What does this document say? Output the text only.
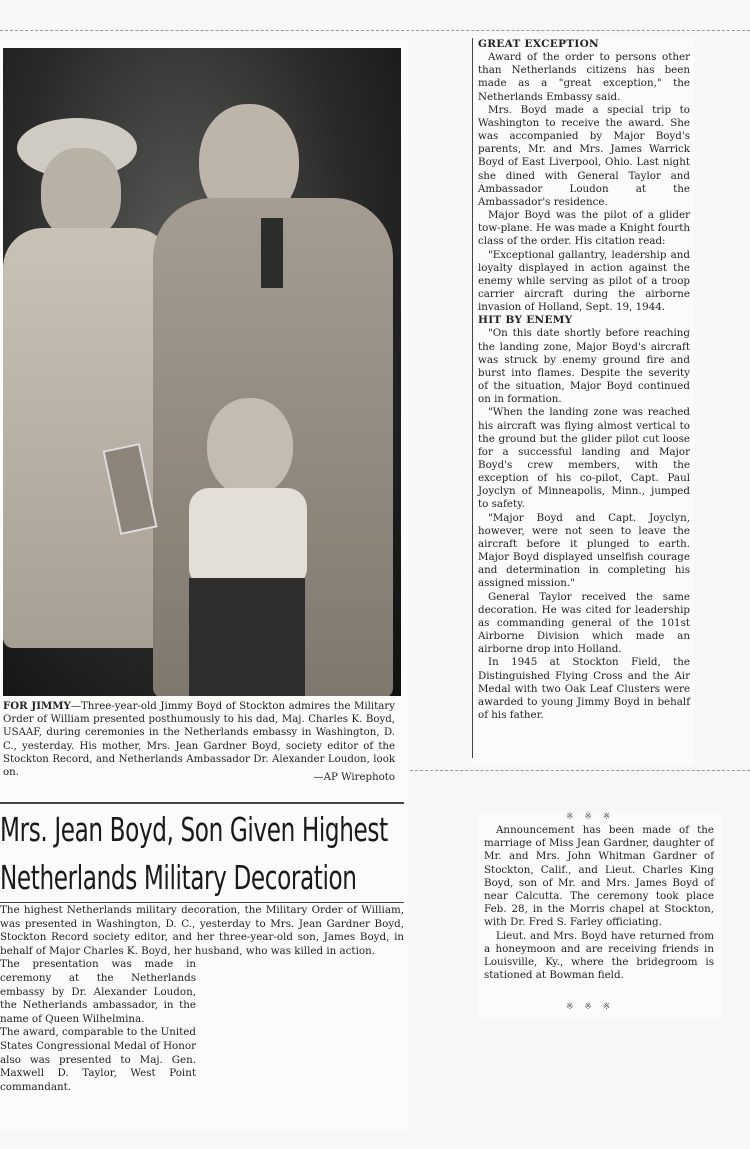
FOR JIMMY—Three-year-old Jimmy Boyd of Stockton admires the Military Order of William presented posthumously to his dad, Maj. Charles K. Boyd, USAAF, during ceremonies in the Netherlands embassy in Washington, D. C., yesterday. His mother, Mrs. Jean Gardner Boyd, society editor of the Stockton Record, and Netherlands Ambassador Dr. Alexander Loudon, look on.	—AP Wirephoto
Mrs. Jean Boyd, Son Given Highest
Netherlands Military Decoration

The highest Netherlands military decoration, the Military Order of William, was presented in Washington, D. C., yesterday to Mrs. Jean Gardner Boyd, Stockton Record society editor, and her three-year-old son, James Boyd, in behalf of Major Charles K. Boyd, her husband, who was killed in action.

The presentation was made in ceremony at the Netherlands embassy by Dr. Alexander Loudon, the Netherlands ambassador, in the name of Queen Wilhelmina.

The award, comparable to the United States Congressional Medal of Honor also was presented to Maj. Gen. Maxwell D. Taylor, West Point commandant.

GREAT EXCEPTION

Award of the order to persons other than Netherlands citizens has been made as a "great exception," the Netherlands Embassy said.

Mrs. Boyd made a special trip to Washington to receive the award. She was accompanied by Major Boyd's parents, Mr. and Mrs. James Warrick Boyd of East Liverpool, Ohio. Last night she dined with General Taylor and Ambassador Loudon at the Ambassador's residence.

Major Boyd was the pilot of a glider tow-plane. He was made a Knight fourth class of the order. His citation read:

"Exceptional gallantry, leadership and loyalty displayed in action against the enemy while serving as pilot of a troop carrier aircraft during the airborne invasion of Holland, Sept. 19, 1944.

HIT BY ENEMY

"On this date shortly before reaching the landing zone, Major Boyd's aircraft was struck by enemy ground fire and burst into flames. Despite the severity of the situation, Major Boyd continued on in formation.

"When the landing zone was reached his aircraft was flying almost vertical to the ground but the glider pilot cut loose for a successful landing and Major Boyd's crew members, with the exception of his co-pilot, Capt. Paul Joyclyn of Minneapolis, Minn., jumped to safety.

"Major Boyd and Capt. Joyclyn, however, were not seen to leave the aircraft before it plunged to earth. Major Boyd displayed unselfish courage and determination in completing his assigned mission."

General Taylor received the same decoration. He was cited for leadership as commanding general of the 101st Airborne Division which made an airborne drop into Holland.

In 1945 at Stockton Field, the Distinguished Flying Cross and the Air Medal with two Oak Leaf Clusters were awarded to young Jimmy Boyd in behalf of his father.

※ ※ ※

Announcement has been made of the marriage of Miss Jean Gardner, daughter of Mr. and Mrs. John Whitman Gardner of Stockton, Calif., and Lieut. Charles King Boyd, son of Mr. and Mrs. James Boyd of near Calcutta. The ceremony took place Feb. 28, in the Morris chapel at Stockton, with Dr. Fred S. Farley officiating.

Lieut. and Mrs. Boyd have returned from a honeymoon and are receiving friends in Louisville, Ky., where the bridegroom is stationed at Bowman field.

※ ※ ※
